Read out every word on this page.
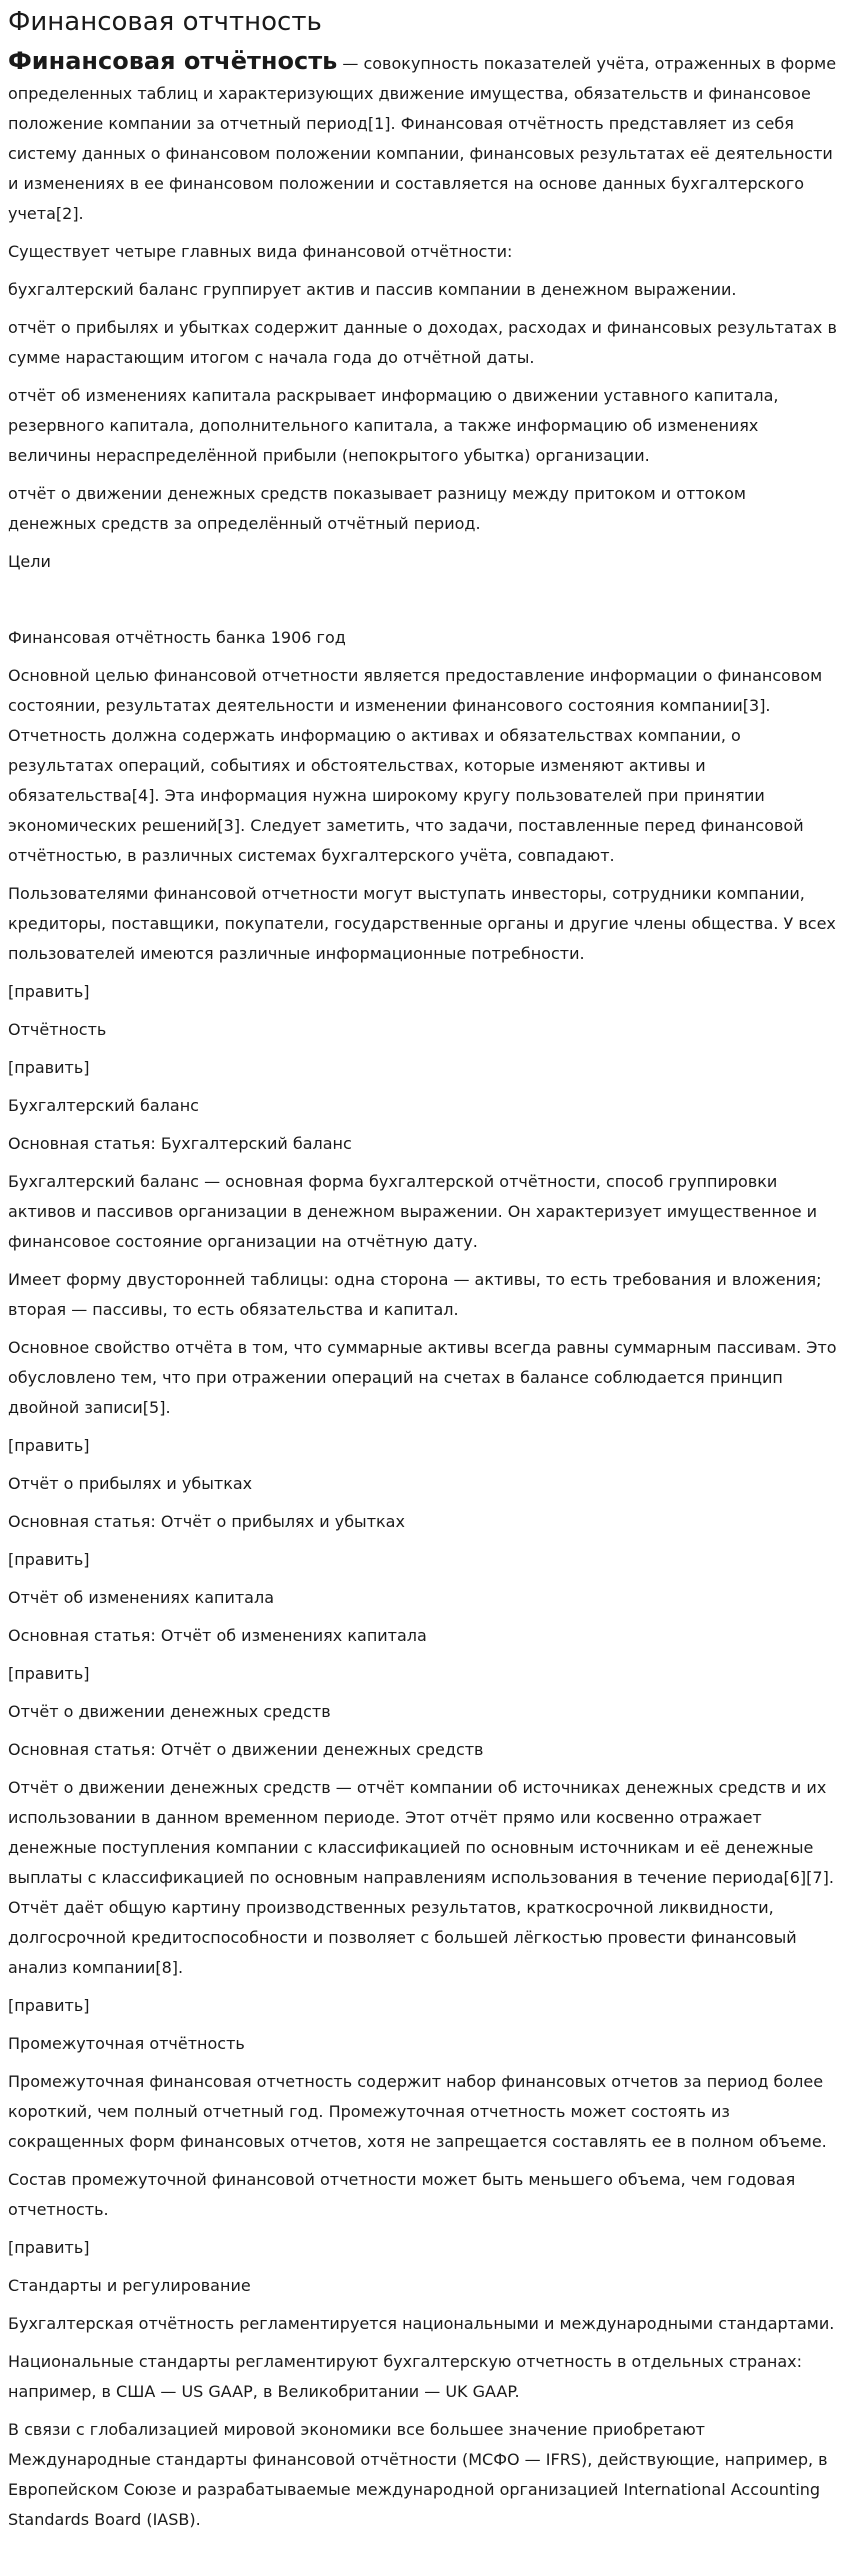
Финансовая отчтность

Финансовая отчётность — совокупность показателей учёта, отраженных в форме определенных таблиц и характеризующих движение имущества, обязательств и финансовое положение компании за отчетный период[1]. Финансовая отчётность представляет из себя систему данных о финансовом положении компании, финансовых результатах её деятельности и изменениях в ее финансовом положении и составляется на основе данных бухгалтерского учета[2].

Существует четыре главных вида финансовой отчётности:

бухгалтерский баланс группирует актив и пассив компании в денежном выражении.

отчёт о прибылях и убытках содержит данные о доходах, расходах и финансовых результатах в сумме нарастающим итогом с начала года до отчётной даты.

отчёт об изменениях капитала раскрывает информацию о движении уставного капитала, резервного капитала, дополнительного капитала, а также информацию об изменениях величины нераспределённой прибыли (непокрытого убытка) организации.

отчёт о движении денежных средств показывает разницу между притоком и оттоком денежных средств за определённый отчётный период.

Цели

Финансовая отчётность банка 1906 год

Основной целью финансовой отчетности является предоставление информации о финансовом состоянии, результатах деятельности и изменении финансового состояния компании[3]. Отчетность должна содержать информацию о активах и обязательствах компании, о результатах операций, событиях и обстоятельствах, которые изменяют активы и обязательства[4]. Эта информация нужна широкому кругу пользователей при принятии экономических решений[3]. Следует заметить, что задачи, поставленные перед финансовой отчётностью, в различных системах бухгалтерского учёта, совпадают.

Пользователями финансовой отчетности могут выступать инвесторы, сотрудники компании, кредиторы, поставщики, покупатели, государственные органы и другие члены общества. У всех пользователей имеются различные информационные потребности.

[править]

Отчётность

[править]

Бухгалтерский баланс

Основная статья: Бухгалтерский баланс

Бухгалтерский баланс — основная форма бухгалтерской отчётности, способ группировки активов и пассивов организации в денежном выражении. Он характеризует имущественное и финансовое состояние организации на отчётную дату.

Имеет форму двусторонней таблицы: одна сторона — активы, то есть требования и вложения; вторая — пассивы, то есть обязательства и капитал.

Основное свойство отчёта в том, что суммарные активы всегда равны суммарным пассивам. Это обусловлено тем, что при отражении операций на счетах в балансе соблюдается принцип двойной записи[5].

[править]

Отчёт о прибылях и убытках

Основная статья: Отчёт о прибылях и убытках

[править]

Отчёт об изменениях капитала

Основная статья: Отчёт об изменениях капитала

[править]

Отчёт о движении денежных средств

Основная статья: Отчёт о движении денежных средств

Отчёт о движении денежных средств — отчёт компании об источниках денежных средств и их использовании в данном временном периоде. Этот отчёт прямо или косвенно отражает денежные поступления компании с классификацией по основным источникам и её денежные выплаты с классификацией по основным направлениям использования в течение периода[6][7]. Отчёт даёт общую картину производственных результатов, краткосрочной ликвидности, долгосрочной кредитоспособности и позволяет с большей лёгкостью провести финансовый анализ компании[8].

[править]

Промежуточная отчётность

Промежуточная финансовая отчетность содержит набор финансовых отчетов за период более короткий, чем полный отчетный год. Промежуточная отчетность может состоять из сокращенных форм финансовых отчетов, хотя не запрещается составлять ее в полном объеме.

Состав промежуточной финансовой отчетности может быть меньшего объема, чем годовая отчетность.

[править]

Стандарты и регулирование

Бухгалтерская отчётность регламентируется национальными и международными стандартами.

Национальные стандарты регламентируют бухгалтерскую отчетность в отдельных странах: например, в США — US GAAP, в Великобритании — UK GAAP.

В связи с глобализацией мировой экономики все большее значение приобретают Международные стандарты финансовой отчётности (МСФО — IFRS), действующие, например, в Европейском Союзе и разрабатываемые международной организацией International Accounting Standards Board (IASB).
